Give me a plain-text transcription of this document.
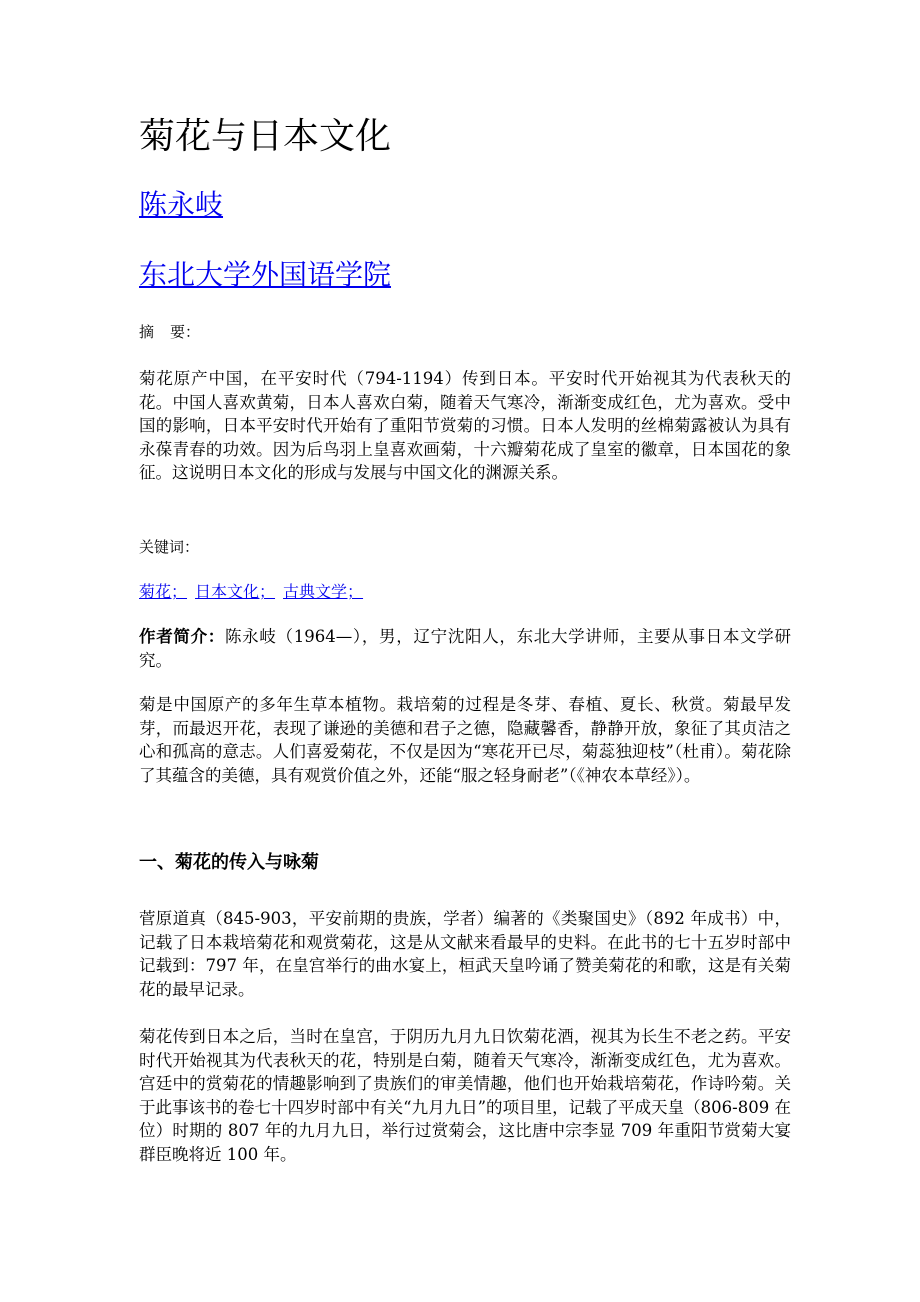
菊花与日本文化
陈永岐
东北大学外国语学院

摘 要：

菊花原产中国，在平安时代（794-1194）传到日本。平安时代开始视其为代表秋天的花。中国人喜欢黄菊，日本人喜欢白菊，随着天气寒冷，渐渐变成红色，尤为喜欢。受中国的影响，日本平安时代开始有了重阳节赏菊的习惯。日本人发明的丝棉菊露被认为具有永葆青春的功效。因为后鸟羽上皇喜欢画菊，十六瓣菊花成了皇室的徽章，日本国花的象征。这说明日本文化的形成与发展与中国文化的渊源关系。

关键词：

菊花； 日本文化； 古典文学；

作者简介：陈永岐（1964—），男，辽宁沈阳人，东北大学讲师，主要从事日本文学研究。

菊是中国原产的多年生草本植物。栽培菊的过程是冬芽、春植、夏长、秋赏。菊最早发芽，而最迟开花，表现了谦逊的美德和君子之德，隐藏馨香，静静开放，象征了其贞洁之心和孤高的意志。人们喜爱菊花，不仅是因为“寒花开已尽，菊蕊独迎枝”（杜甫）。菊花除了其蕴含的美德，具有观赏价值之外，还能“服之轻身耐老”（《神农本草经》）。

一、菊花的传入与咏菊

菅原道真（845-903，平安前期的贵族，学者）编著的《类聚国史》（892 年成书）中，记载了日本栽培菊花和观赏菊花，这是从文献来看最早的史料。在此书的七十五岁时部中记载到：797 年，在皇宫举行的曲水宴上，桓武天皇吟诵了赞美菊花的和歌，这是有关菊花的最早记录。

菊花传到日本之后，当时在皇宫，于阴历九月九日饮菊花酒，视其为长生不老之药。平安时代开始视其为代表秋天的花，特别是白菊，随着天气寒冷，渐渐变成红色，尤为喜欢。宫廷中的赏菊花的情趣影响到了贵族们的审美情趣，他们也开始栽培菊花，作诗吟菊。关于此事该书的卷七十四岁时部中有关“九月九日”的项目里，记载了平成天皇（806-809 在位）时期的 807 年的九月九日，举行过赏菊会，这比唐中宗李显 709 年重阳节赏菊大宴群臣晚将近 100 年。
